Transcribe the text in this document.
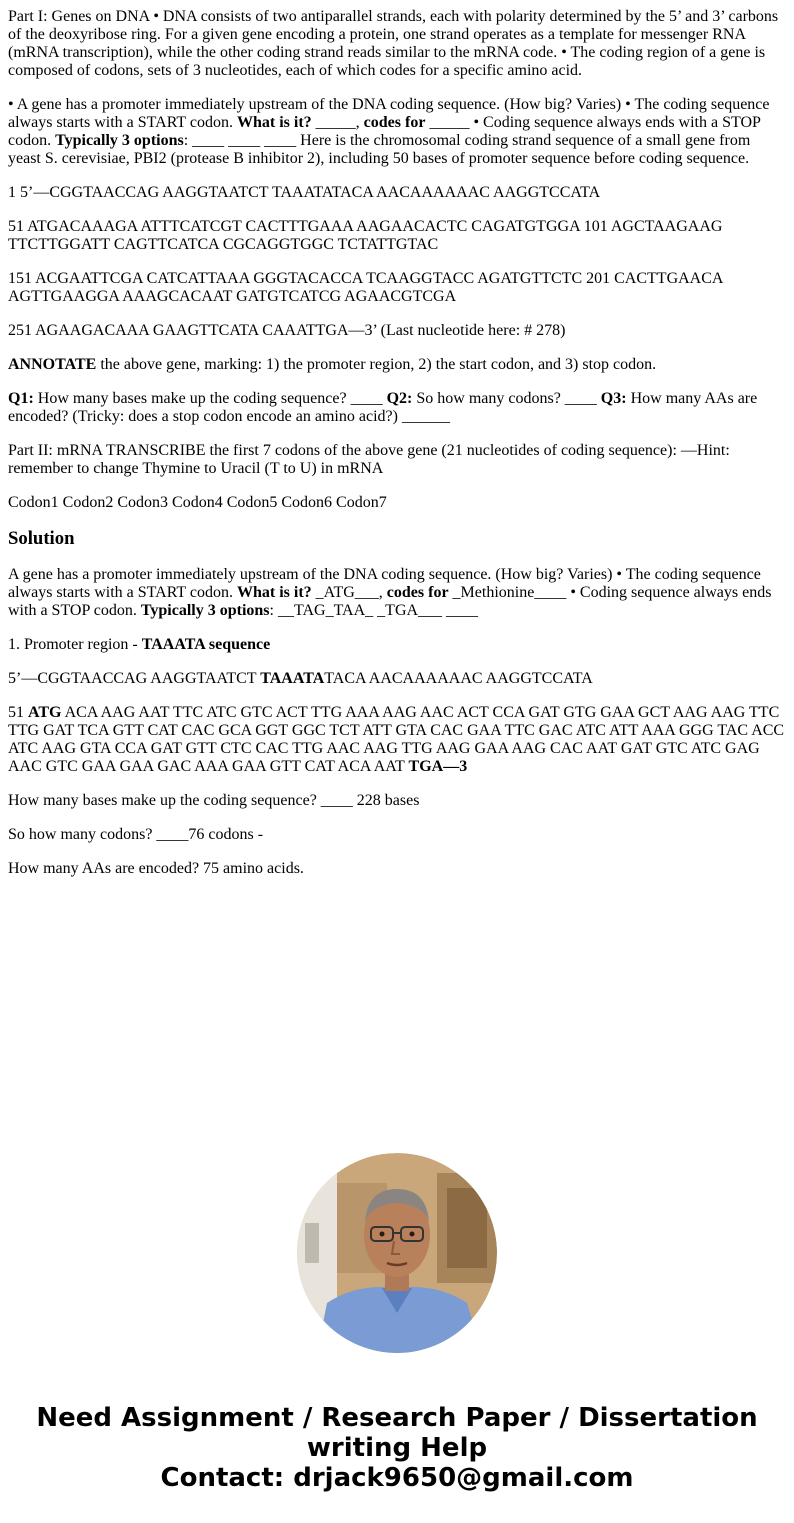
Part I: Genes on DNA • DNA consists of two antiparallel strands, each with polarity determined by the 5’ and 3’ carbons of the deoxyribose ring. For a given gene encoding a protein, one strand operates as a template for messenger RNA (mRNA transcription), while the other coding strand reads similar to the mRNA code. • The coding region of a gene is composed of codons, sets of 3 nucleotides, each of which codes for a specific amino acid.

• A gene has a promoter immediately upstream of the DNA coding sequence. (How big? Varies) • The coding sequence always starts with a START codon. What is it? _____, codes for _____ • Coding sequence always ends with a STOP codon. Typically 3 options: ____ ____ ____ Here is the chromosomal coding strand sequence of a small gene from yeast S. cerevisiae, PBI2 (protease B inhibitor 2), including 50 bases of promoter sequence before coding sequence.

1 5’—CGGTAACCAG AAGGTAATCT TAAATATACA AACAAAAAAC AAGGTCCATA

51 ATGACAAAGA ATTTCATCGT CACTTTGAAA AAGAACACTC CAGATGTGGA 101 AGCTAAGAAG TTCTTGGATT CAGTTCATCA CGCAGGTGGC TCTATTGTAC

151 ACGAATTCGA CATCATTAAA GGGTACACCA TCAAGGTACC AGATGTTCTC 201 CACTTGAACA AGTTGAAGGA AAAGCACAAT GATGTCATCG AGAACGTCGA

251 AGAAGACAAA GAAGTTCATA CAAATTGA—3’ (Last nucleotide here: # 278)

ANNOTATE the above gene, marking: 1) the promoter region, 2) the start codon, and 3) stop codon.

Q1: How many bases make up the coding sequence? ____ Q2: So how many codons? ____ Q3: How many AAs are encoded? (Tricky: does a stop codon encode an amino acid?) ______

Part II: mRNA TRANSCRIBE the first 7 codons of the above gene (21 nucleotides of coding sequence): —Hint: remember to change Thymine to Uracil (T to U) in mRNA

Codon1 Codon2 Codon3 Codon4 Codon5 Codon6 Codon7

Solution

A gene has a promoter immediately upstream of the DNA coding sequence. (How big? Varies) • The coding sequence always starts with a START codon. What is it? _ATG___, codes for _Methionine____ • Coding sequence always ends with a STOP codon. Typically 3 options: __TAG_TAA_ _TGA___ ____

1. Promoter region - TAAATA sequence

5’—CGGTAACCAG AAGGTAATCT TAAATATACA AACAAAAAAC AAGGTCCATA

51 ATG ACA AAG AAT TTC ATC GTC ACT TTG AAA AAG AAC ACT CCA GAT GTG GAA GCT AAG AAG TTC TTG GAT TCA GTT CAT CAC GCA GGT GGC TCT ATT GTA CAC GAA TTC GAC ATC ATT AAA GGG TAC ACC ATC AAG GTA CCA GAT GTT CTC CAC TTG AAC AAG TTG AAG GAA AAG CAC AAT GAT GTC ATC GAG AAC GTC GAA GAA GAC AAA GAA GTT CAT ACA AAT TGA—3

How many bases make up the coding sequence? ____ 228 bases

So how many codons? ____76 codons -

How many AAs are encoded? 75 amino acids.

Need Assignment / Research Paper / Dissertation
writing Help
Contact: drjack9650@gmail.com
